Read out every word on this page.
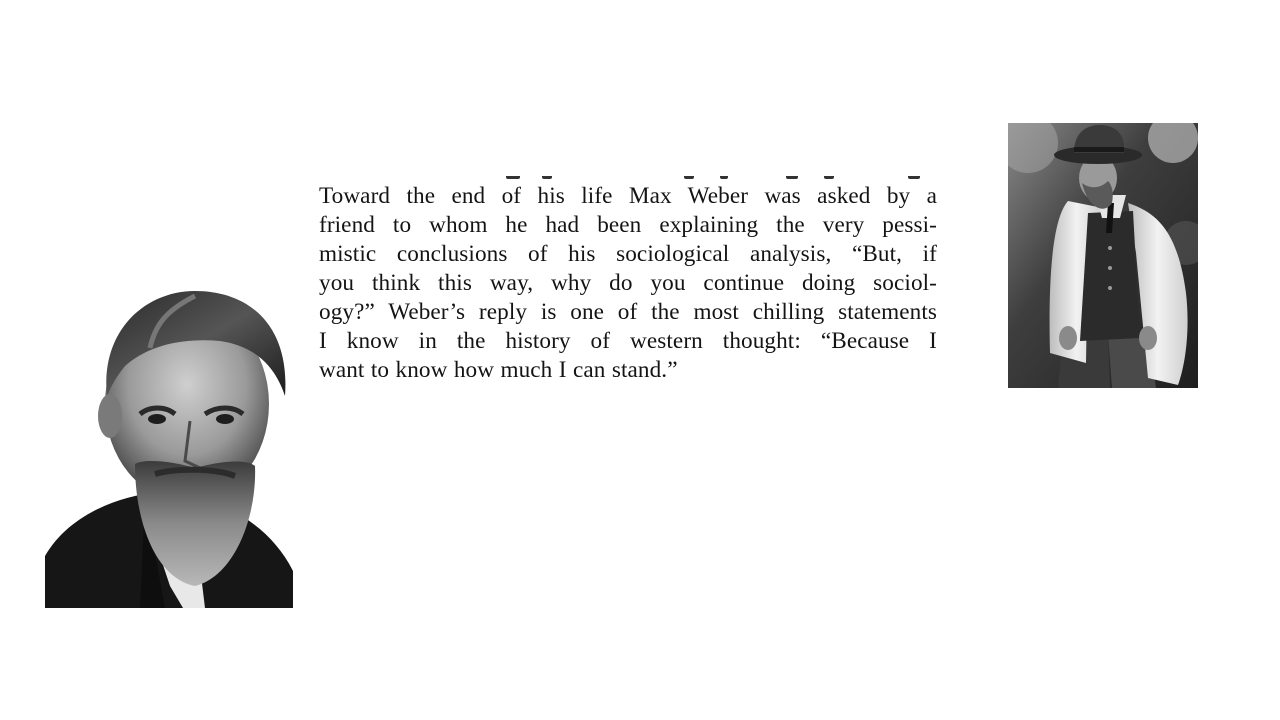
Toward the end of his life Max Weber was asked by a
friend to whom he had been explaining the very pessi-
mistic conclusions of his sociological analysis, “But, if
you think this way, why do you continue doing sociol-
ogy?” Weber’s reply is one of the most chilling statements
I know in the history of western thought: “Because I
want to know how much I can stand.”
